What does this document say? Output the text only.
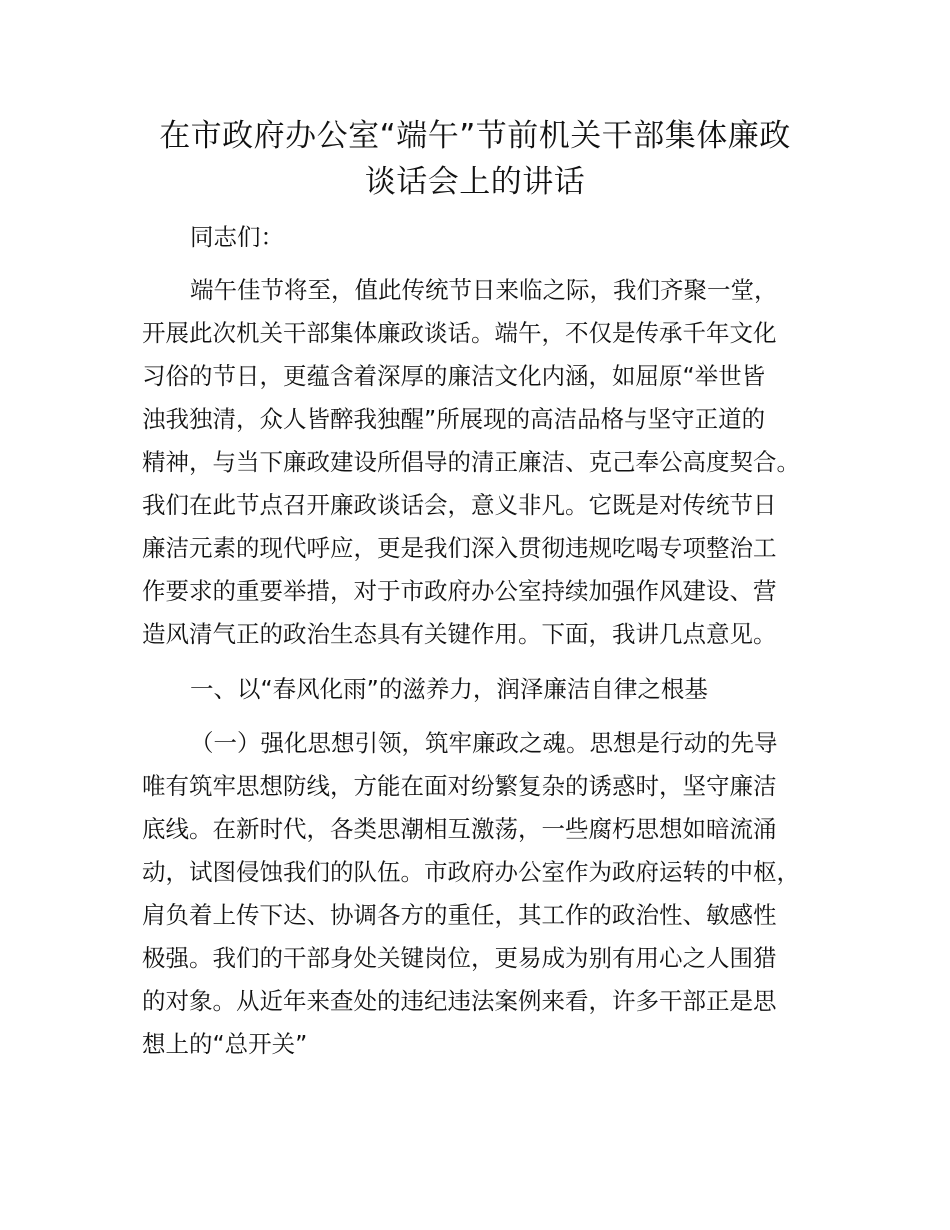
在市政府办公室“端午”节前机关干部集体廉政
谈话会上的讲话
同志们：
端午佳节将至，值此传统节日来临之际，我们齐聚一堂，
开展此次机关干部集体廉政谈话。端午，不仅是传承千年文化
习俗的节日，更蕴含着深厚的廉洁文化内涵，如屈原“举世皆
浊我独清，众人皆醉我独醒”所展现的高洁品格与坚守正道的
精神，与当下廉政建设所倡导的清正廉洁、克己奉公高度契合。
我们在此节点召开廉政谈话会，意义非凡。它既是对传统节日
廉洁元素的现代呼应，更是我们深入贯彻违规吃喝专项整治工
作要求的重要举措，对于市政府办公室持续加强作风建设、营
造风清气正的政治生态具有关键作用。下面，我讲几点意见。
一、以“春风化雨”的滋养力，润泽廉洁自律之根基
（一）强化思想引领，筑牢廉政之魂。思想是行动的先导
唯有筑牢思想防线，方能在面对纷繁复杂的诱惑时，坚守廉洁
底线。在新时代，各类思潮相互激荡，一些腐朽思想如暗流涌
动，试图侵蚀我们的队伍。市政府办公室作为政府运转的中枢，
肩负着上传下达、协调各方的重任，其工作的政治性、敏感性
极强。我们的干部身处关键岗位，更易成为别有用心之人围猎
的对象。从近年来查处的违纪违法案例来看，许多干部正是思
想上的“总开关”
